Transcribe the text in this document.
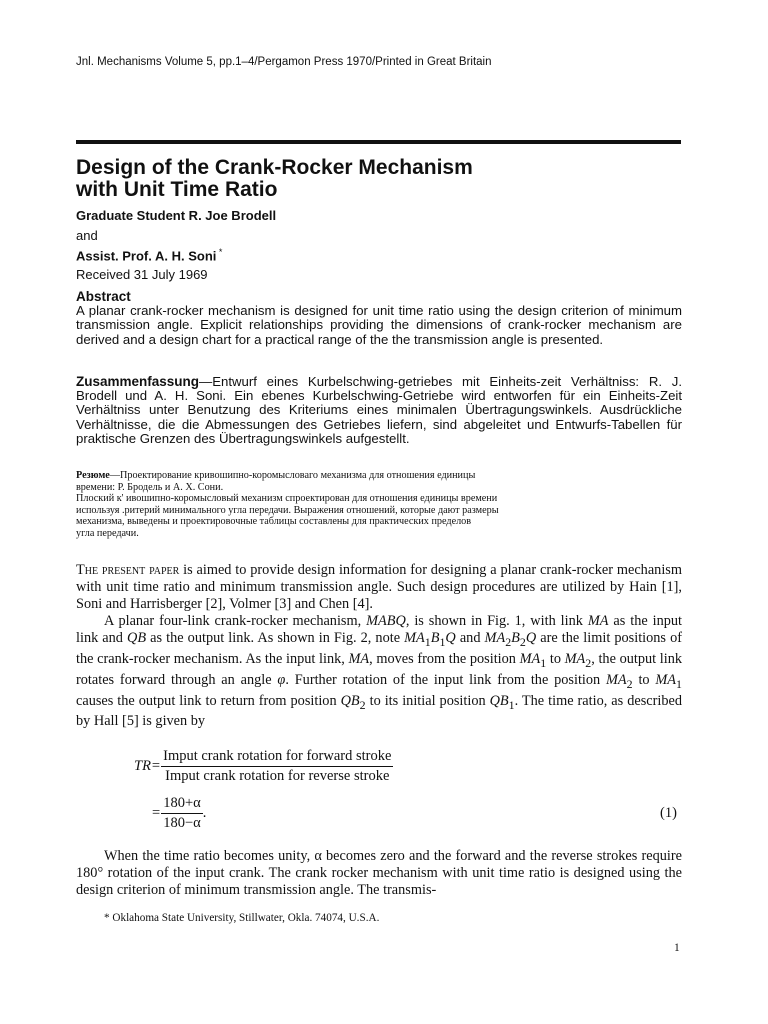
Jnl. Mechanisms Volume 5, pp.1–4/Pergamon Press 1970/Printed in Great Britain
Design of the Crank-Rocker Mechanism
with Unit Time Ratio
Graduate Student R. Joe Brodell
and
Assist. Prof. A. H. Soni *
Received 31 July 1969

Abstract

A planar crank-rocker mechanism is designed for unit time ratio using the design criterion of minimum transmission angle. Explicit relationships providing the dimensions of crank-rocker mechanism are derived and a design chart for a practical range of the the transmission angle is presented.

Zusammenfassung—Entwurf eines Kurbelschwing-getriebes mit Einheits-zeit Verhältniss: R. J. Brodell und A. H. Soni. Ein ebenes Kurbelschwing-Getriebe wird entworfen für ein Einheits-Zeit Verhältniss unter Benutzung des Kriteriums eines minimalen Übertragungswinkels. Ausdrückliche Verhältnisse, die die Abmessungen des Getriebes liefern, sind abgeleitet und Entwurfs-Tabellen für praktische Grenzen des Übertragungswinkels aufgestellt.

Резюме—Проектирование кривошипно-коромысловаго механизма для отношения единицы

времени: Р. Бродель и А. Х. Сони.

Плоский к' ивошипно-коромысловый механизм спроектирован для отношения единицы времени

используя .ритерий минимального угла передачи. Выражения отношений, которые дают размеры

механизма, выведены и проектировочные таблицы составлены для практических пределов

угла передачи.

The present paper is aimed to provide design information for designing a planar crank-rocker mechanism with unit time ratio and minimum transmission angle. Such design procedures are utilized by Hain [1], Soni and Harrisberger [2], Volmer [3] and Chen [4].

A planar four-link crank-rocker mechanism, MABQ, is shown in Fig. 1, with link MA as the input link and QB as the output link. As shown in Fig. 2, note $MA_1B_1Q$ and $MA_2B_2Q$ are the limit positions of the crank-rocker mechanism. As the input link, MA, moves from the position $MA_1$ to $MA_2$, the output link rotates forward through an angle φ. Further rotation of the input link from the position $MA_2$ to $MA_1$ causes the output link to return from position $QB_2$ to its initial position $QB_1$. The time ratio, as described by Hall [5] is given by

TR = $\frac{\text{Imput crank rotation for forward stroke}}{\text{Imput crank rotation for reverse stroke}}$
= $\frac{180+\alpha}{180-\alpha}$ .	(1)

When the time ratio becomes unity, α becomes zero and the forward and the reverse strokes require 180° rotation of the input crank. The crank rocker mechanism with unit time ratio is designed using the design criterion of minimum transmission angle. The transmis-

* Oklahoma State University, Stillwater, Okla. 74074, U.S.A.
1
